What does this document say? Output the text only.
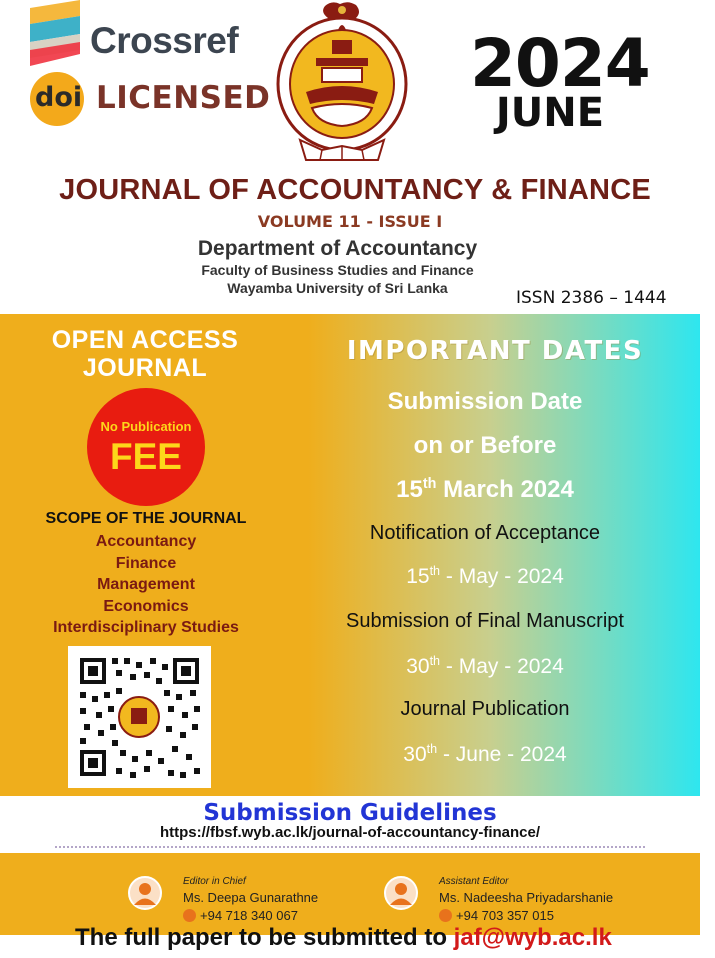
Crossref
doi LICENSED	2024
JUNE
JOURNAL OF ACCOUNTANCY & FINANCE
VOLUME 11 - ISSUE I
Department of Accountancy
Faculty of Business Studies and Finance
Wayamba University of Sri Lanka	ISSN 2386 – 1444
OPEN ACCESS
JOURNAL
No Publication
FEE
SCOPE OF THE JOURNAL
Accountancy
Finance
Management
Economics
Interdisciplinary Studies
IMPORTANT DATES
Submission Date
on or Before
15th March 2024
Notification of Acceptance
15th - May - 2024
Submission of Final Manuscript
30th - May - 2024
Journal Publication
30th - June - 2024
Submission Guidelines
https://fbsf.wyb.ac.lk/journal-of-accountancy-finance/
Editor in Chief
Ms. Deepa Gunarathne
+94 718 340 067
Assistant Editor
Ms. Nadeesha Priyadarshanie
+94 703 357 015
The full paper to be submitted to jaf@wyb.ac.lk
